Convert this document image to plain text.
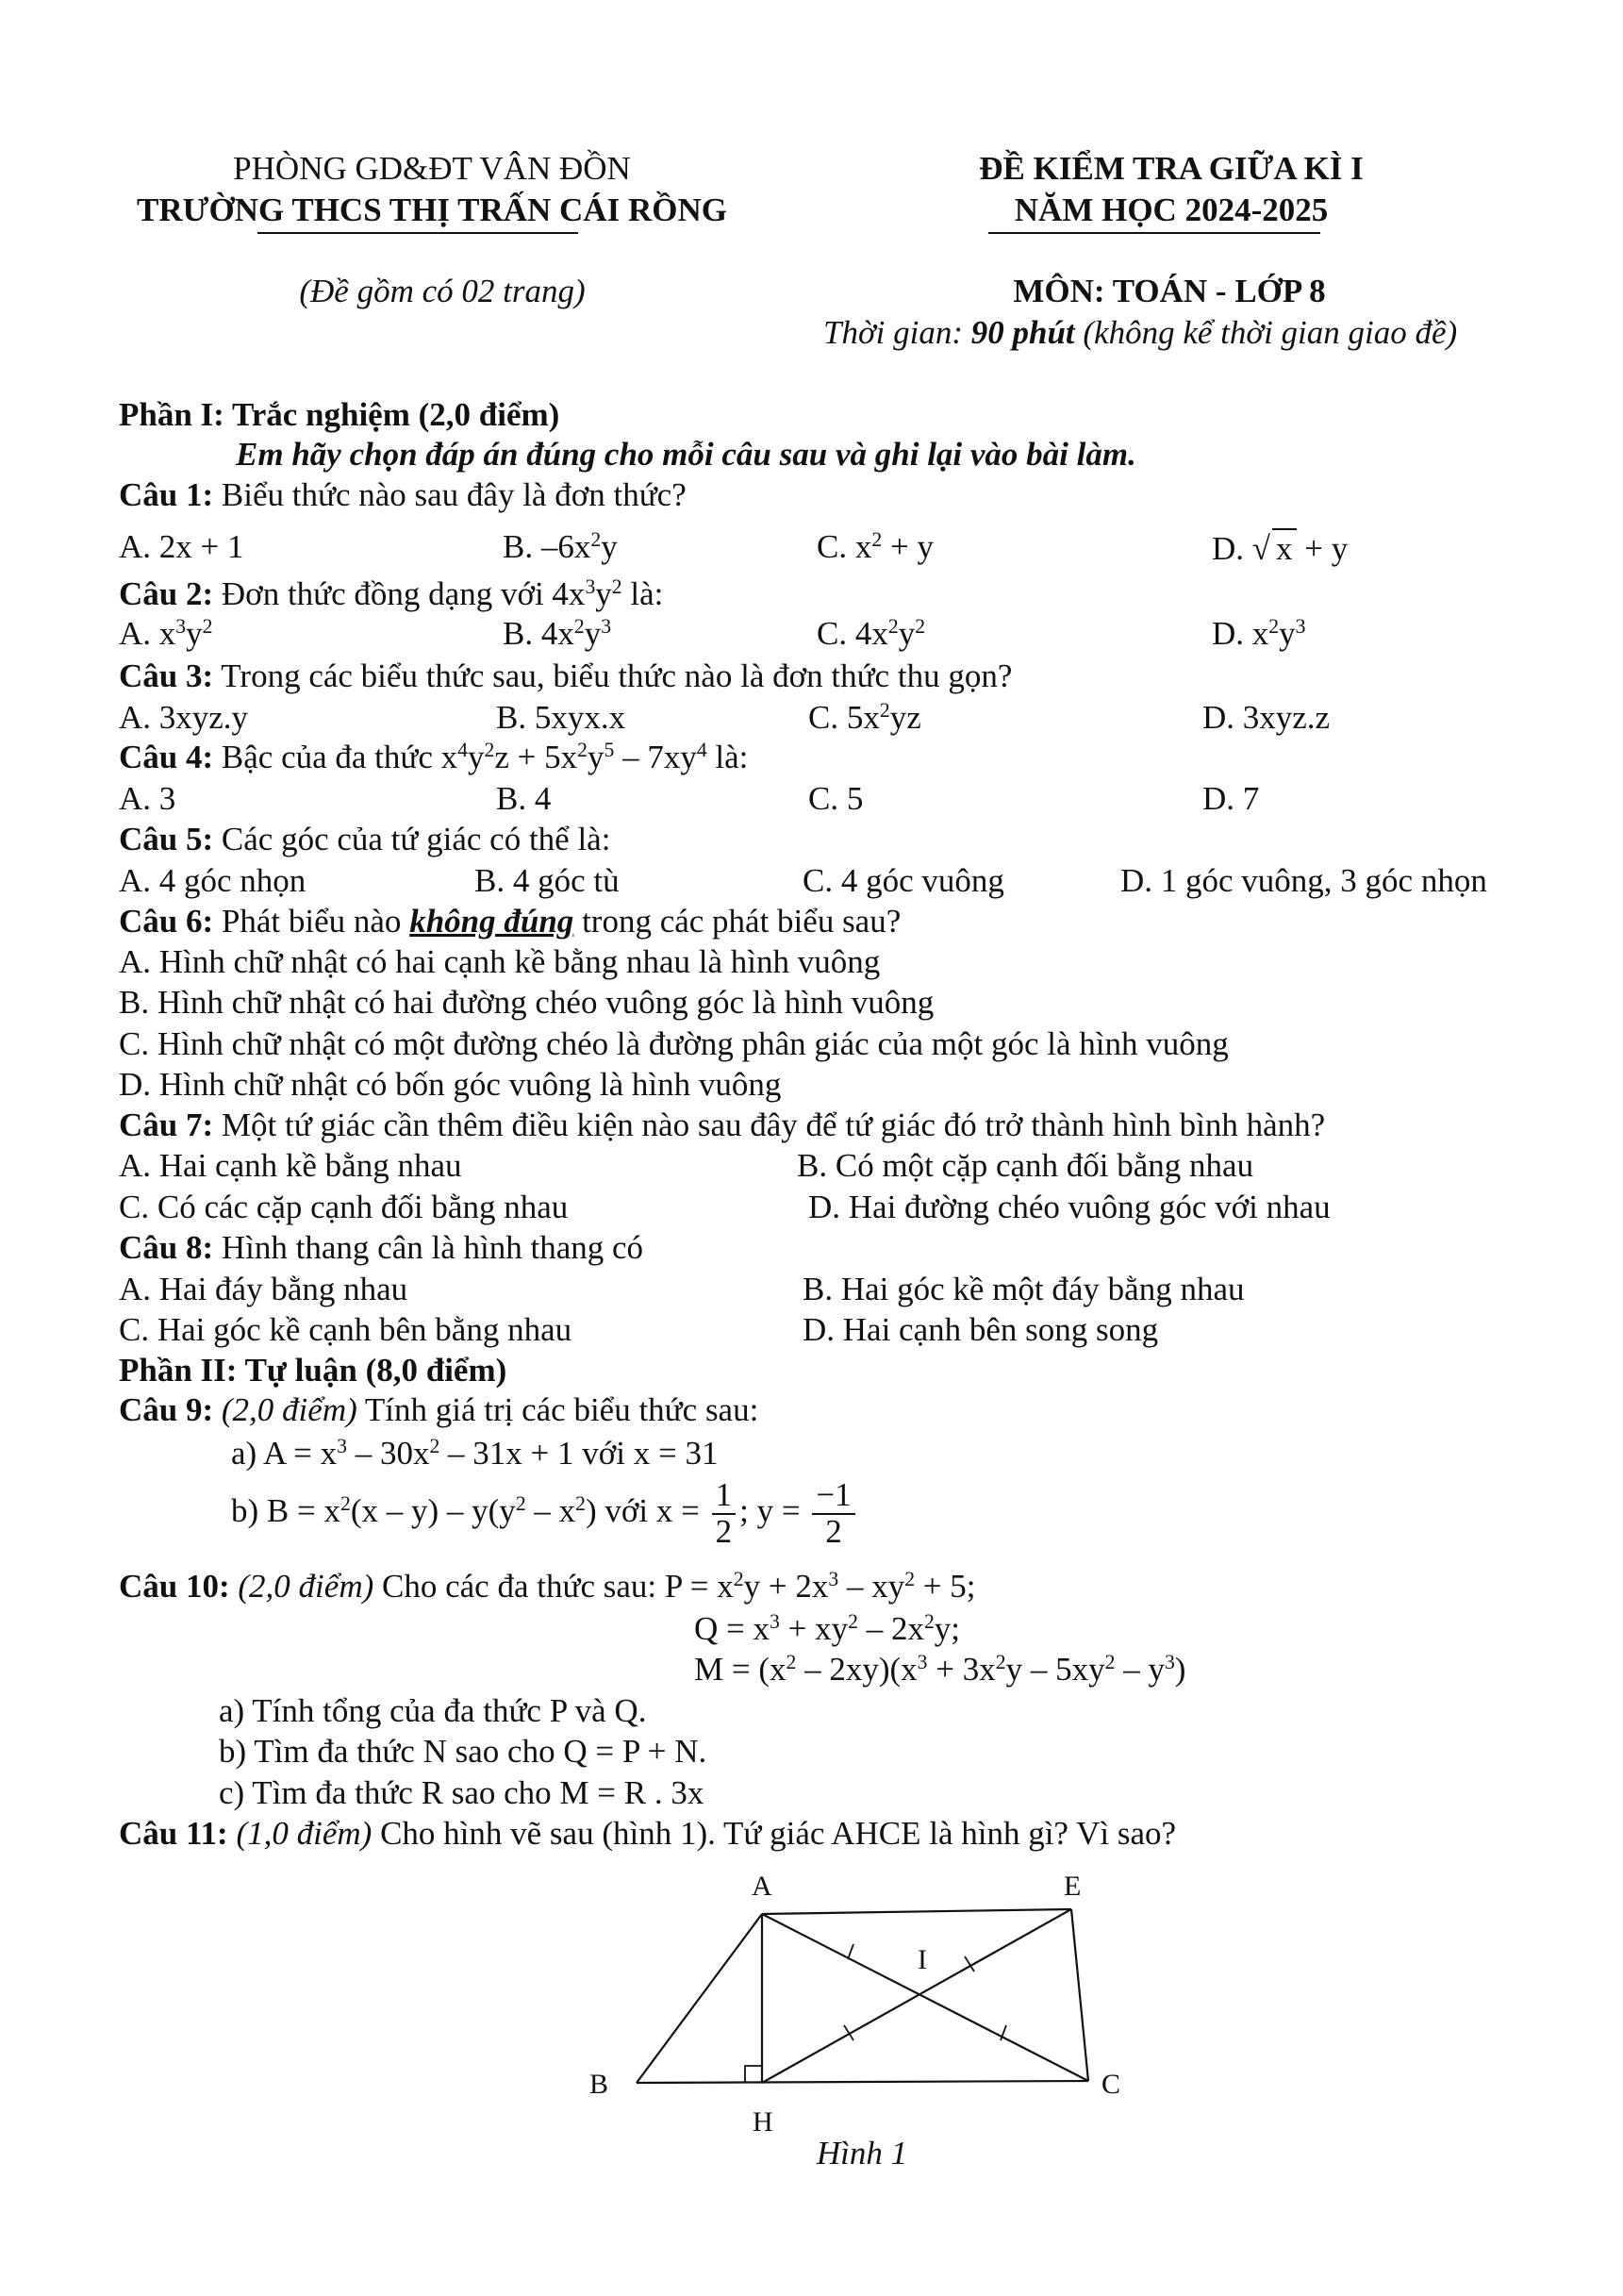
PHÒNG GD&ĐT VÂN ĐỒN
TRƯỜNG THCS THỊ TRẤN CÁI RỒNG
ĐỀ KIỂM TRA GIỮA KÌ I
NĂM HỌC 2024-2025
(Đề gồm có 02 trang)	MÔN: TOÁN - LỚP 8
Thời gian: 90 phút (không kể thời gian giao đề)
Phần I: Trắc nghiệm (2,0 điểm)
Em hãy chọn đáp án đúng cho mỗi câu sau và ghi lại vào bài làm.
Câu 1: Biểu thức nào sau đây là đơn thức?
A. 2x + 1	B. $-6x^2y$	C. $x^2 + y$	D. √ x + y
Câu 2: Đơn thức đồng dạng với $4x^3y^2$ là:
A. $x^3y^2$	B. $4x^2y^3$	C. $4x^2y^2$	D. $x^2y^3$
Câu 3: Trong các biểu thức sau, biểu thức nào là đơn thức thu gọn?
A. 3xyz.y	B. 5xyx.x	C. $5x^2yz$	D. 3xyz.z
Câu 4: Bậc của đa thức $x^4y^2z + 5x^2y^5 - 7xy^4$ là:
A. 3	B. 4	C. 5	D. 7
Câu 5: Các góc của tứ giác có thể là:
A. 4 góc nhọn	B. 4 góc tù	C. 4 góc vuông	D. 1 góc vuông, 3 góc nhọn
Câu 6: Phát biểu nào không đúng trong các phát biểu sau?
A. Hình chữ nhật có hai cạnh kề bằng nhau là hình vuông
B. Hình chữ nhật có hai đường chéo vuông góc là hình vuông
C. Hình chữ nhật có một đường chéo là đường phân giác của một góc là hình vuông
D. Hình chữ nhật có bốn góc vuông là hình vuông
Câu 7: Một tứ giác cần thêm điều kiện nào sau đây để tứ giác đó trở thành hình bình hành?
A. Hai cạnh kề bằng nhau	B. Có một cặp cạnh đối bằng nhau
C. Có các cặp cạnh đối bằng nhau	D. Hai đường chéo vuông góc với nhau
Câu 8: Hình thang cân là hình thang có
A. Hai đáy bằng nhau	B. Hai góc kề một đáy bằng nhau
C. Hai góc kề cạnh bên bằng nhau	D. Hai cạnh bên song song
Phần II: Tự luận (8,0 điểm)
Câu 9: (2,0 điểm) Tính giá trị các biểu thức sau:
a) $A = x^3 - 30x^2 - 31x + 1$ với x = 31
b) $B = x^2(x - y) - y(y^2 - x^2)$ với $x = \frac{1}{2}$ ; $y = \frac{-1}{2}$
Câu 10: (2,0 điểm) Cho các đa thức sau: $P = x^2y + 2x^3 - xy^2 + 5$;
$Q = x^3 + xy^2 - 2x^2y$;
$M = (x^2 - 2xy)(x^3 + 3x^2y - 5xy^2 - y^3)$
a) Tính tổng của đa thức P và Q.
b) Tìm đa thức N sao cho Q = P + N.
c) Tìm đa thức R sao cho M = R . 3x
Câu 11: (1,0 điểm) Cho hình vẽ sau (hình 1). Tứ giác AHCE là hình gì? Vì sao?
A	E
I
B
H
C
Hình 1
